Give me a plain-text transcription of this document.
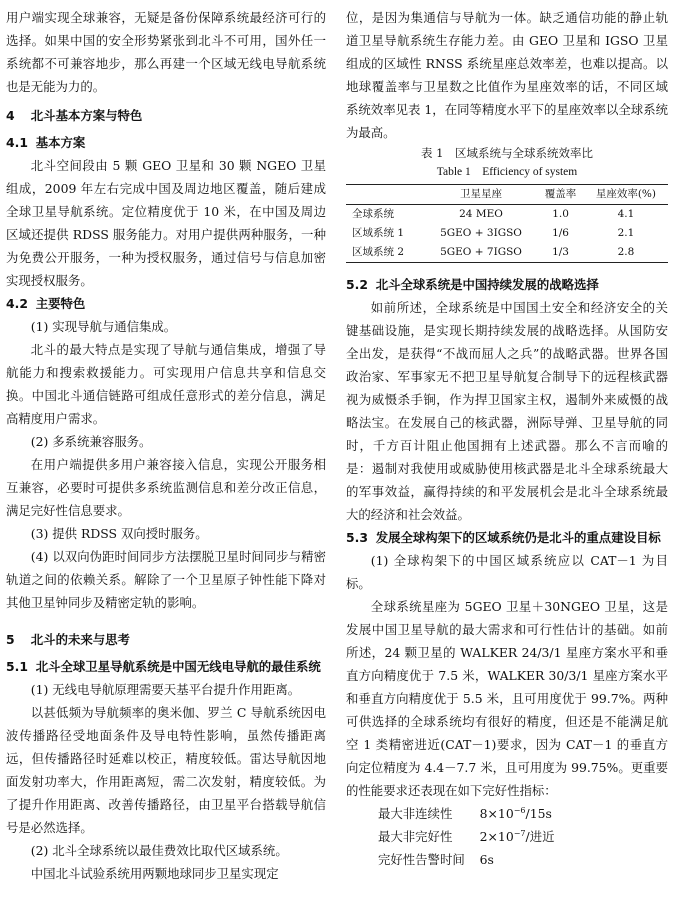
用户端实现全球兼容，无疑是备份保障系统最经济可行的选择。如果中国的安全形势紧张到北斗不可用，国外任一系统都不可兼容地步，那么再建一个区域无线电导航系统也是无能为力的。

4 北斗基本方案与特色
4.1 基本方案

北斗空间段由 5 颗 GEO 卫星和 30 颗 NGEO 卫星组成，2009 年左右完成中国及周边地区覆盖，随后建成全球卫星导航系统。定位精度优于 10 米，在中国及周边区域还提供 RDSS 服务能力。对用户提供两种服务，一种为免费公开服务，一种为授权服务，通过信号与信息加密实现授权服务。

4.2 主要特色
(1) 实现导航与通信集成。

北斗的最大特点是实现了导航与通信集成，增强了导航能力和搜索救援能力。可实现用户信息共享和信息交换。中国北斗通信链路可组成任意形式的差分信息，满足高精度用户需求。

(2) 多系统兼容服务。

在用户端提供多用户兼容接入信息，实现公开服务相互兼容，必要时可提供多系统监测信息和差分改正信息，满足完好性信息要求。

(3) 提供 RDSS 双向授时服务。
(4) 以双向伪距时间同步方法摆脱卫星时间同步与精密轨道之间的依赖关系。解除了一个卫星原子钟性能下降对其他卫星钟同步及精密定轨的影响。
5 北斗的未来与思考
5.1 北斗全球卫星导航系统是中国无线电导航的最佳系统
(1) 无线电导航原理需要天基平台提升作用距离。

以甚低频为导航频率的奥米伽、罗兰 C 导航系统因电波传播路径受地面条件及导电特性影响，虽然传播距离远，但传播路径时延难以校正，精度较低。雷达导航因地面发射功率大，作用距离短，需二次发射，精度较低。为了提升作用距离、改善传播路径，由卫星平台搭载导航信号是必然选择。

(2) 北斗全球系统以最佳费效比取代区域系统。

中国北斗试验系统用两颗地球同步卫星实现定

位，是因为集通信与导航为一体。缺乏通信功能的静止轨道卫星导航系统生存能力差。由 GEO 卫星和 IGSO 卫星组成的区域性 RNSS 系统星座总效率差，也难以提高。以地球覆盖率与卫星数之比值作为星座效率的话，不同区域系统效率见表 1，在同等精度水平下的星座效率以全球系统为最高。

表 1　区域系统与全球系统效率比
Table 1　Efficiency of system
	卫星星座	覆盖率	星座效率(%)
全球系统	24 MEO	1.0	4.1
区域系统 1	5GEO + 3IGSO	1/6	2.1
区域系统 2	5GEO + 7IGSO	1/3	2.8
5.2 北斗全球系统是中国持续发展的战略选择

如前所述，全球系统是中国国土安全和经济安全的关键基础设施，是实现长期持续发展的战略选择。从国防安全出发，是获得“不战而屈人之兵”的战略武器。世界各国政治家、军事家无不把卫星导航复合制导下的远程核武器视为威慑杀手锏，作为捍卫国家主权，遏制外来威慑的战略法宝。在发展自己的核武器，洲际导弹、卫星导航的同时，千方百计阻止他国拥有上述武器。那么不言而喻的是：遏制对我使用或威胁使用核武器是北斗全球系统最大的军事效益，赢得持续的和平发展机会是北斗全球系统最大的经济和社会效益。

5.3 发展全球构架下的区域系统仍是北斗的重点建设目标
(1) 全球构架下的中国区域系统应以 CAT－1 为目标。

全球系统星座为 5GEO 卫星＋30NGEO 卫星，这是发展中国卫星导航的最大需求和可行性估计的基础。如前所述，24 颗卫星的 WALKER 24/3/1 星座方案水平和垂直方向精度优于 7.5 米，WALKER 30/3/1 星座方案水平和垂直方向精度优于 5.5 米，且可用度优于 99.7%。两种可供选择的全球系统均有很好的精度，但还是不能满足航空 1 类精密进近(CAT－1)要求，因为 CAT－1 的垂直方向定位精度为 4.4－7.7 米，且可用度为 99.75%。更重要的性能要求还表现在如下完好性指标：

最大非连续性 $8\times 10^{-6}/15s$
最大非完好性 $2\times 10^{-7}/$进近
完好性告警时间 6s
